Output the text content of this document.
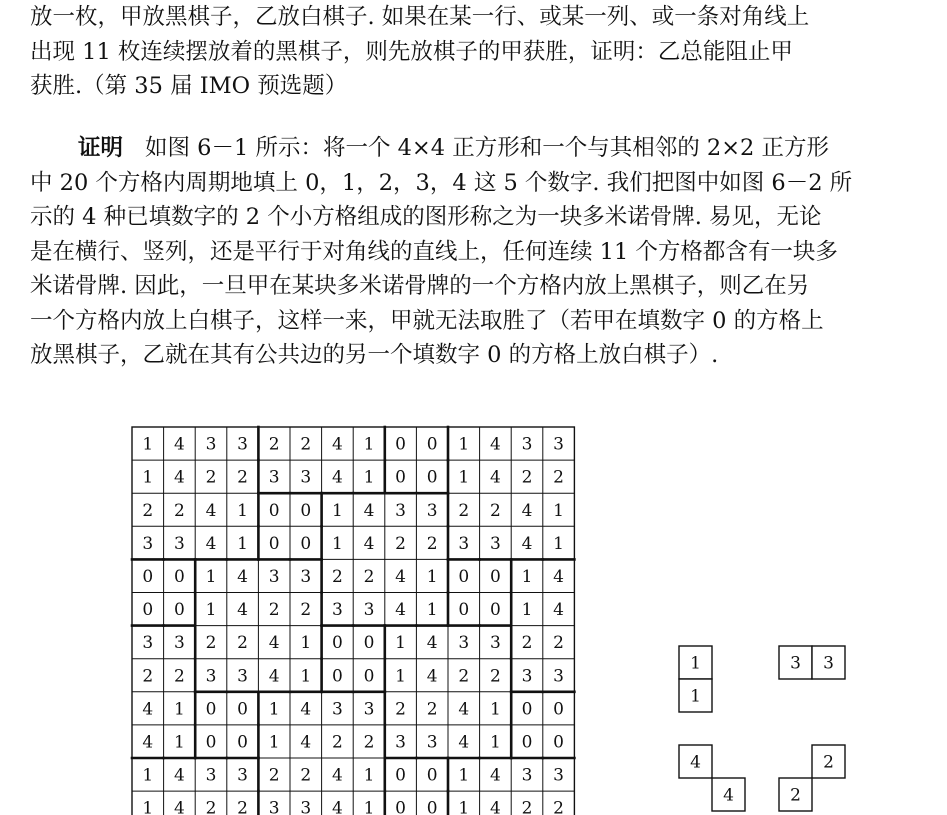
放一枚，甲放黑棋子，乙放白棋子. 如果在某一行、或某一列、或一条对角线上
出现 11 枚连续摆放着的黑棋子，则先放棋子的甲获胜，证明：乙总能阻止甲
获胜.（第 35 届 IMO 预选题）
证明 如图 6－1 所示：将一个 4×4 正方形和一个与其相邻的 2×2 正方形
中 20 个方格内周期地填上 0，1，2，3，4 这 5 个数字. 我们把图中如图 6－2 所
示的 4 种已填数字的 2 个小方格组成的图形称之为一块多米诺骨牌. 易见，无论
是在横行、竖列，还是平行于对角线的直线上，任何连续 11 个方格都含有一块多
米诺骨牌. 因此，一旦甲在某块多米诺骨牌的一个方格内放上黑棋子，则乙在另
一个方格内放上白棋子，这样一来，甲就无法取胜了（若甲在填数字 0 的方格上
放黑棋子，乙就在其有公共边的另一个填数字 0 的方格上放白棋子）.
1 4 3 3 2 2 4 1 0 0 1 4 3 3
1 4 2 2 3 3 4 1 0 0 1 4 2 2
2 2 4 1 0 0 1 4 3 3 2 2 4 1
3 3 4 1 0 0 1 4 2 2 3 3 4 1
0 0 1 4 3 3 2 2 4 1 0 0 1 4
0 0 1 4 2 2 3 3 4 1 0 0 1 4
3 3 2 2 4 1 0 0 1 4 3 3 2 2
2 2 3 3 4 1 0 0 1 4 2 2 3 3
4 1 0 0 1 4 3 3 2 2 4 1 0 0
4 1 0 0 1 4 2 2 3 3 4 1 0 0
1 4 3 3 2 2 4 1 0 0 1 4 3 3
1 4 2 2 3 3 4 1 0 0 1 4 2 2
1
1
3 3
4
4
2
2
